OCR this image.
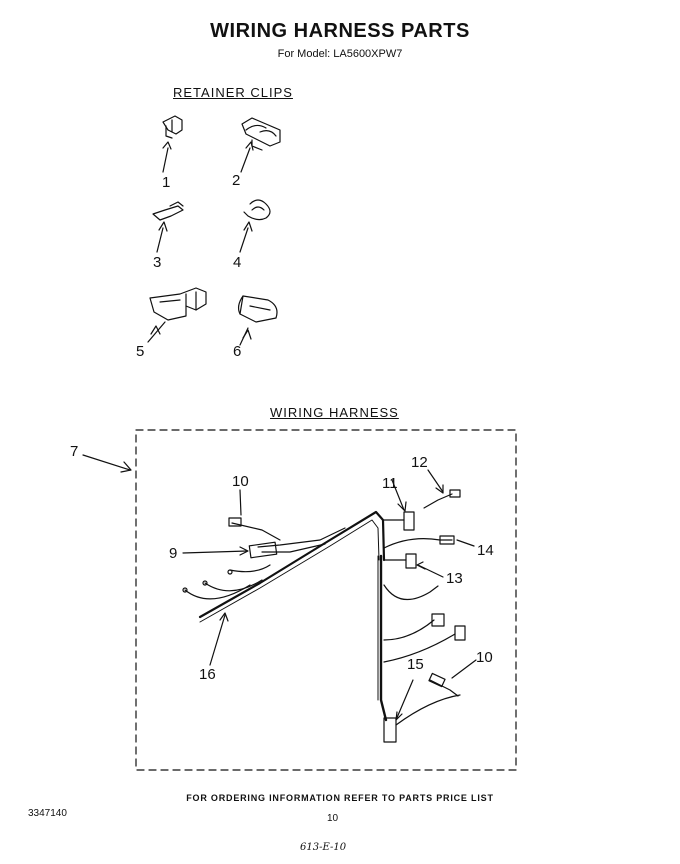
WIRING HARNESS PARTS
For Model: LA5600XPW7
RETAINER CLIPS
WIRING HARNESS
1	2
3	4
5	6
7
9
10
10
11
12
13
14
15
16
FOR ORDERING INFORMATION REFER TO PARTS PRICE LIST
3347140	10
613-E-10
